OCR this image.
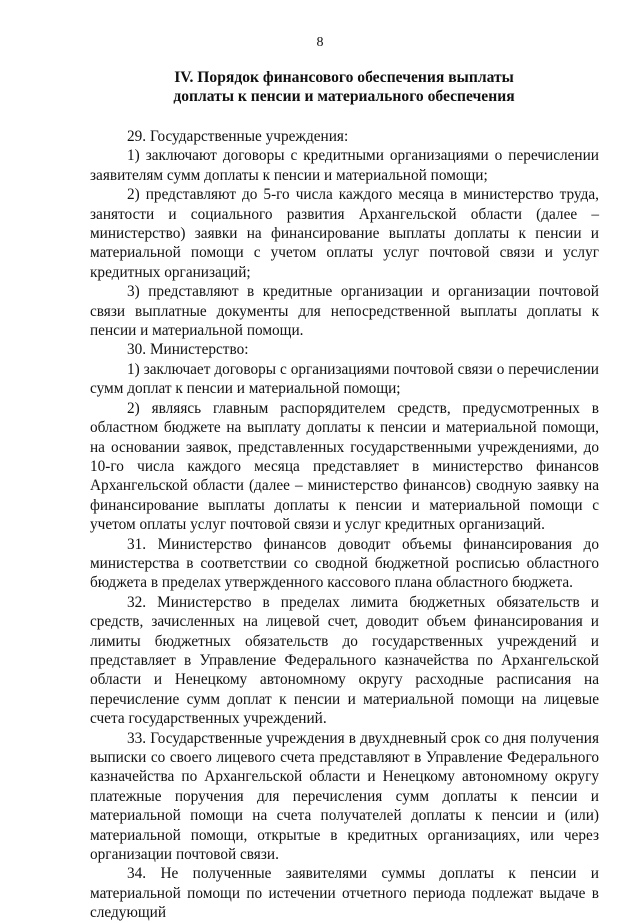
8
IV. Порядок финансового обеспечения выплаты
доплаты к пенсии и материального обеспечения

29. Государственные учреждения:

1) заключают договоры с кредитными организациями о перечислении заявителям сумм доплаты к пенсии и материальной помощи;

2) представляют до 5-го числа каждого месяца в министерство труда, занятости и социального развития Архангельской области (далее – министерство) заявки на финансирование выплаты доплаты к пенсии и материальной помощи с учетом оплаты услуг почтовой связи и услуг кредитных организаций;

3) представляют в кредитные организации и организации почтовой связи выплатные документы для непосредственной выплаты доплаты к пенсии и материальной помощи.

30. Министерство:

1) заключает договоры с организациями почтовой связи о перечислении сумм доплат к пенсии и материальной помощи;

2) являясь главным распорядителем средств, предусмотренных в областном бюджете на выплату доплаты к пенсии и материальной помощи, на основании заявок, представленных государственными учреждениями, до 10-го числа каждого месяца представляет в министерство финансов Архангельской области (далее – министерство финансов) сводную заявку на финансирование выплаты доплаты к пенсии и материальной помощи с учетом оплаты услуг почтовой связи и услуг кредитных организаций.

31. Министерство финансов доводит объемы финансирования до министерства в соответствии со сводной бюджетной росписью областного бюджета в пределах утвержденного кассового плана областного бюджета.

32. Министерство в пределах лимита бюджетных обязательств и средств, зачисленных на лицевой счет, доводит объем финансирования и лимиты бюджетных обязательств до государственных учреждений и представляет в Управление Федерального казначейства по Архангельской области и Ненецкому автономному округу расходные расписания на перечисление сумм доплат к пенсии и материальной помощи на лицевые счета государственных учреждений.

33. Государственные учреждения в двухдневный срок со дня получения выписки со своего лицевого счета представляют в Управление Федерального казначейства по Архангельской области и Ненецкому автономному округу платежные поручения для перечисления сумм доплаты к пенсии и материальной помощи на счета получателей доплаты к пенсии и (или) материальной помощи, открытые в кредитных организациях, или через организации почтовой связи.

34. Не полученные заявителями суммы доплаты к пенсии и материальной помощи по истечении отчетного периода подлежат выдаче в следующий
